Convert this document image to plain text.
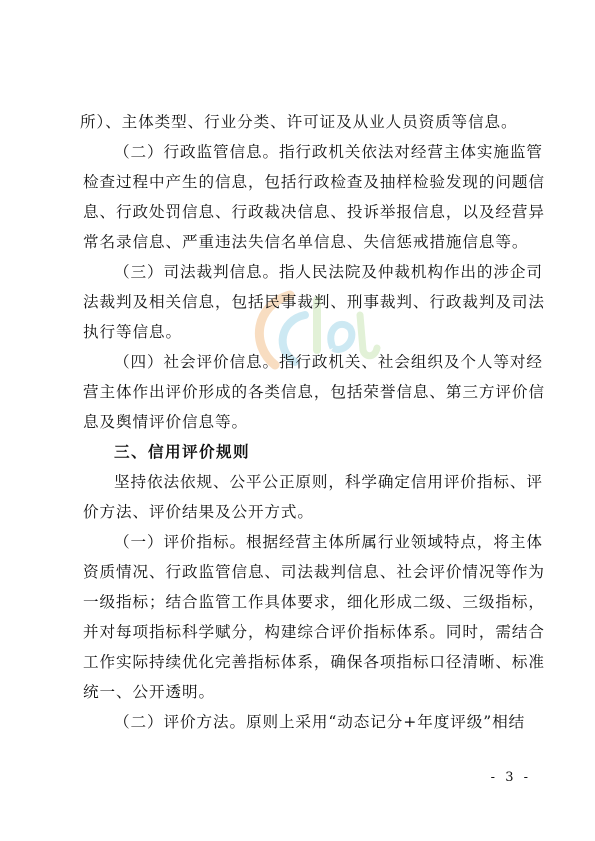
所）、主体类型、行业分类、许可证及从业人员资质等信息。
（二）行政监管信息。指行政机关依法对经营主体实施监管
检查过程中产生的信息，包括行政检查及抽样检验发现的问题信
息、行政处罚信息、行政裁决信息、投诉举报信息，以及经营异
常名录信息、严重违法失信名单信息、失信惩戒措施信息等。
（三）司法裁判信息。指人民法院及仲裁机构作出的涉企司
法裁判及相关信息，包括民事裁判、刑事裁判、行政裁判及司法
执行等信息。
（四）社会评价信息。指行政机关、社会组织及个人等对经
营主体作出评价形成的各类信息，包括荣誉信息、第三方评价信
息及舆情评价信息等。
三、信用评价规则
坚持依法依规、公平公正原则，科学确定信用评价指标、评
价方法、评价结果及公开方式。
（一）评价指标。根据经营主体所属行业领域特点，将主体
资质情况、行政监管信息、司法裁判信息、社会评价情况等作为
一级指标；结合监管工作具体要求，细化形成二级、三级指标，
并对每项指标科学赋分，构建综合评价指标体系。同时，需结合
工作实际持续优化完善指标体系，确保各项指标口径清晰、标准
统一、公开透明。
（二）评价方法。原则上采用“动态记分+年度评级”相结
- 3 -
